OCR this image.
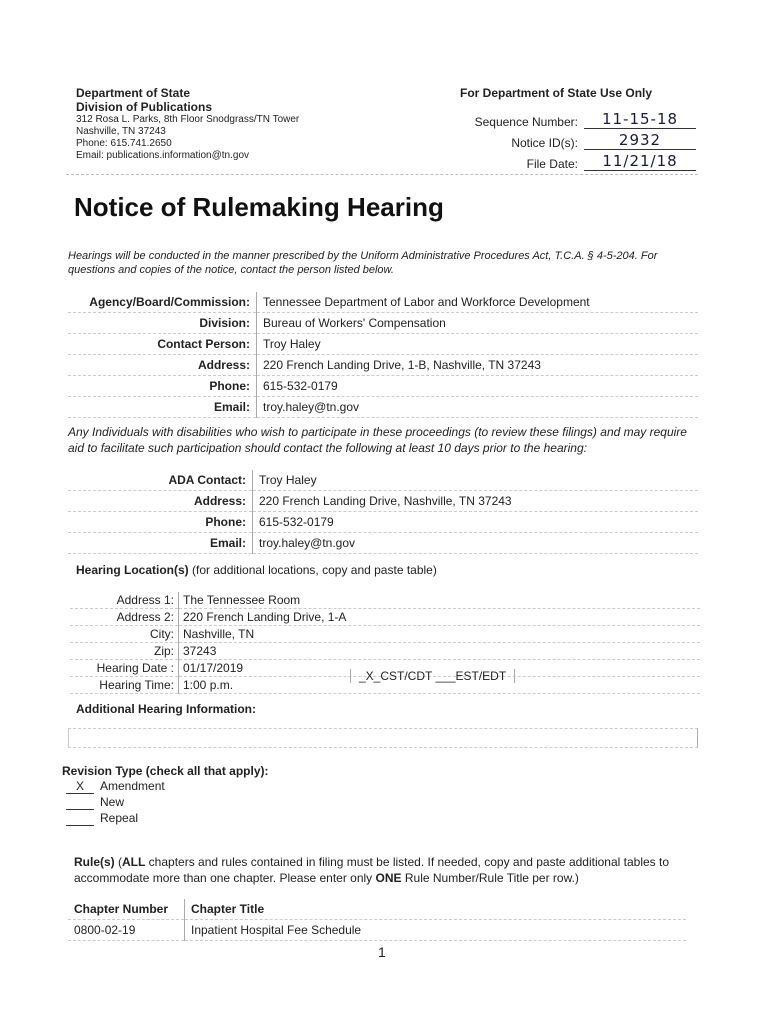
Department of State
Division of Publications
312 Rosa L. Parks, 8th Floor Snodgrass/TN Tower
Nashville, TN 37243
Phone: 615.741.2650
Email: publications.information@tn.gov
For Department of State Use Only
Sequence Number:	11-15-18
Notice ID(s):	2932
File Date:	11/21/18
Notice of Rulemaking Hearing
Hearings will be conducted in the manner prescribed by the Uniform Administrative Procedures Act, T.C.A. § 4-5-204. For questions and copies of the notice, contact the person listed below.
Agency/Board/Commission:	Tennessee Department of Labor and Workforce Development
Division:	Bureau of Workers' Compensation
Contact Person:	Troy Haley
Address:	220 French Landing Drive, 1-B, Nashville, TN 37243
Phone:	615-532-0179
Email:	troy.haley@tn.gov
Any Individuals with disabilities who wish to participate in these proceedings (to review these filings) and may require aid to facilitate such participation should contact the following at least 10 days prior to the hearing:
ADA Contact:	Troy Haley
Address:	220 French Landing Drive, Nashville, TN 37243
Phone:	615-532-0179
Email:	troy.haley@tn.gov
Hearing Location(s) (for additional locations, copy and paste table)
Address 1:	The Tennessee Room
Address 2:	220 French Landing Drive, 1-A
City:	Nashville, TN
Zip:	37243
Hearing Date :	01/17/2019
Hearing Time:	1:00 p.m.
_X_CST/CDT ___EST/EDT
Additional Hearing Information:
Revision Type (check all that apply):
X	Amendment
New
Repeal
Rule(s) (ALL chapters and rules contained in filing must be listed. If needed, copy and paste additional tables to accommodate more than one chapter. Please enter only ONE Rule Number/Rule Title per row.)
Chapter Number	Chapter Title
0800-02-19	Inpatient Hospital Fee Schedule
1
